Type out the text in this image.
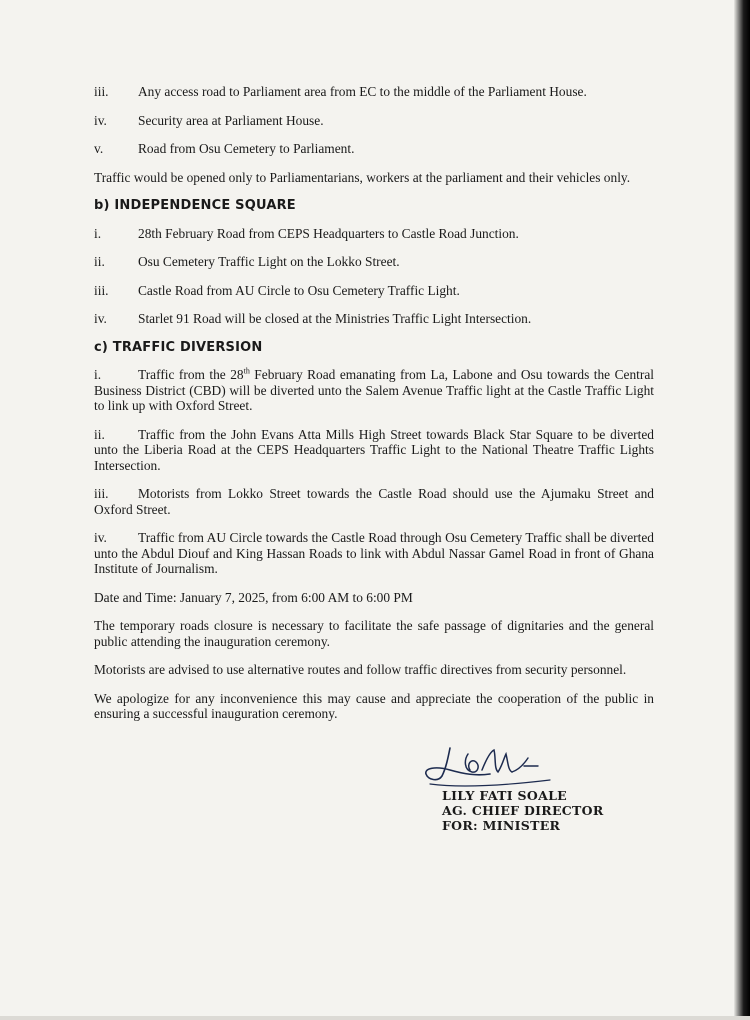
iii.	Any access road to Parliament area from EC to the middle of the Parliament House.
iv.	Security area at Parliament House.
v.	Road from Osu Cemetery to Parliament.

Traffic would be opened only to Parliamentarians, workers at the parliament and their vehicles only.

b) INDEPENDENCE SQUARE
i.	28th February Road from CEPS Headquarters to Castle Road Junction.
ii.	Osu Cemetery Traffic Light on the Lokko Street.
iii.	Castle Road from AU Circle to Osu Cemetery Traffic Light.
iv.	Starlet 91 Road will be closed at the Ministries Traffic Light Intersection.
c) TRAFFIC DIVERSION

i.	Traffic from the 28th February Road emanating from La, Labone and Osu towards the Central Business District (CBD) will be diverted unto the Salem Avenue Traffic light at the Castle Traffic Light to link up with Oxford Street.

ii. Traffic from the John Evans Atta Mills High Street towards Black Star Square to be diverted unto the Liberia Road at the CEPS Headquarters Traffic Light to the National Theatre Traffic Lights Intersection.

iii. Motorists from Lokko Street towards the Castle Road should use the Ajumaku Street and Oxford Street.

iv. Traffic from AU Circle towards the Castle Road through Osu Cemetery Traffic shall be diverted unto the Abdul Diouf and King Hassan Roads to link with Abdul Nassar Gamel Road in front of Ghana Institute of Journalism.

Date and Time: January 7, 2025, from 6:00 AM to 6:00 PM

The temporary roads closure is necessary to facilitate the safe passage of dignitaries and the general public attending the inauguration ceremony.

Motorists are advised to use alternative routes and follow traffic directives from security personnel.

We apologize for any inconvenience this may cause and appreciate the cooperation of the public in ensuring a successful inauguration ceremony.

LILY FATI SOALE
AG. CHIEF DIRECTOR
FOR: MINISTER
